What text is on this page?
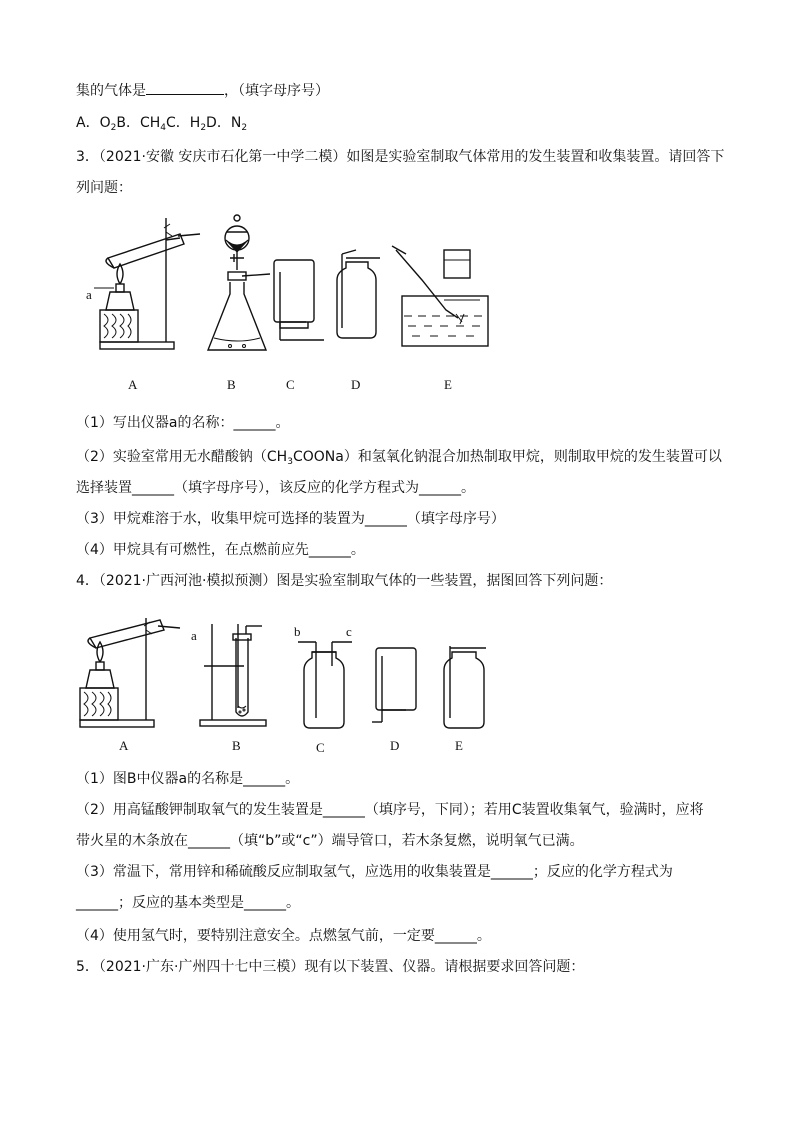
集的气体是	，（填字母序号）
A．$O_2B$．$CH_4C$．$H_2D$．$N_2$
3．（2021·安徽 安庆市石化第一中学二模）如图是实验室制取气体常用的发生装置和收集装置。请回答下
列问题：
a
A	B	C	D	E
（1）写出仪器a的名称：______。
（2）实验室常用无水醋酸钠$(CH_3COONa)$和氢氧化钠混合加热制取甲烷，则制取甲烷的发生装置可以
选择装置______（填字母序号），该反应的化学方程式为______。
（3）甲烷难溶于水，收集甲烷可选择的装置为______（填字母序号）
（4）甲烷具有可燃性，在点燃前应先______。
4．（2021·广西河池·模拟预测）图是实验室制取气体的一些装置，据图回答下列问题：
a	b	c
A	B	C	D	E
（1）图B中仪器a的名称是______。
（2）用高锰酸钾制取氧气的发生装置是______（填序号，下同）；若用C装置收集氧气，验满时，应将
带火星的木条放在______（填“b”或“c”）端导管口，若木条复燃，说明氧气已满。
（3）常温下，常用锌和稀硫酸反应制取氢气，应选用的收集装置是______；反应的化学方程式为
______；反应的基本类型是______。
（4）使用氢气时，要特别注意安全。点燃氢气前，一定要______。
5．（2021·广东·广州四十七中三模）现有以下装置、仪器。请根据要求回答问题：
